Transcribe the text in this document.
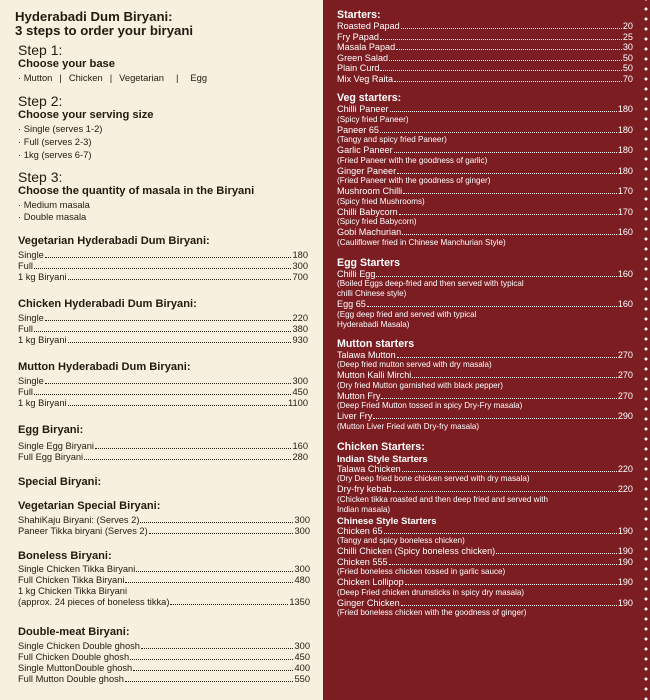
Hyderabadi Dum Biryani:
3 steps to order your biryani
Step 1:
Choose your base
· Mutton | Chicken | Vegetarian | Egg
Step 2:
Choose your serving size
· Single (serves 1-2)
· Full (serves 2-3)
· 1kg (serves 6-7)
Step 3:
Choose the quantity of masala in the Biryani
· Medium masala
· Double masala
Vegetarian Hyderabadi Dum Biryani:
Single	180
Full	300
1 kg Biryani	700
Chicken Hyderabadi Dum Biryani:
Single	220
Full	380
1 kg Biryani	930
Mutton Hyderabadi Dum Biryani:
Single	300
Full	450
1 kg Biryani	1100
Egg Biryani:
Single Egg Biryani	160
Full Egg Biryani	280
Special Biryani:
Vegetarian Special Biryani:
ShahiKaju Biryani: (Serves 2)	300
Paneer Tikka biryani (Serves 2)	300
Boneless Biryani:
Single Chicken Tikka Biryani	300
Full Chicken Tikka Biryani	480
1 kg Chicken Tikka Biryani
(approx. 24 pieces of boneless tikka)	1350
Double-meat Biryani:
Single Chicken Double ghosh	300
Full Chicken Double ghosh	450
Single MuttonDouble ghosh	400
Full Mutton Double ghosh	550
Starters:
Roasted Papad	20
Fry Papad	25
Masala Papad	30
Green Salad	50
Plain Curd	50
Mix Veg Raita	70
Veg starters:
Chilli Paneer	180
(Spicy fried Paneer)
Paneer 65	180
(Tangy and spicy fried Paneer)
Garlic Paneer	180
(Fried Paneer with the goodness of garlic)
Ginger Paneer	180
(Fried Paneer with the goodness of ginger)
Mushroom Chilli	170
(Spicy fried Mushrooms)
Chilli Babycorn	170
(Spicy fried Babycorn)
Gobi Machurian	160
(Cauliflower fried in Chinese Manchurian Style)
Egg Starters
Chilli Egg	160
(Boiled Eggs deep-fried and then served with typical
chilli Chinese style)
Egg 65	160
(Egg deep fried and served with typical
Hyderabadi Masala)
Mutton starters
Talawa Mutton	270
(Deep fried mutton served with dry masala)
Mutton Kalli Mirchi	270
(Dry fried Mutton garnished with black pepper)
Mutton Fry	270
(Deep Fried Mutton tossed in spicy Dry-Fry masala)
Liver Fry	290
(Mutton Liver Fried with Dry-fry masala)
Chicken Starters:
Indian Style Starters
Talawa Chicken	220
(Dry Deep fried bone chicken served with dry masala)
Dry-fry kebab	220
(Chicken tikka roasted and then deep fried and served with
Indian masala)
Chinese Style Starters
Chicken 65	190
(Tangy and spicy boneless chicken)
Chilli Chicken (Spicy boneless chicken)	190
Chicken 555	190
(Fried boneless chicken tossed in garlic sauce)
Chicken Lollipop	190
(Deep Fried chicken drumsticks in spicy dry masala)
Ginger Chicken	190
(Fried boneless chicken with the goodness of ginger)
